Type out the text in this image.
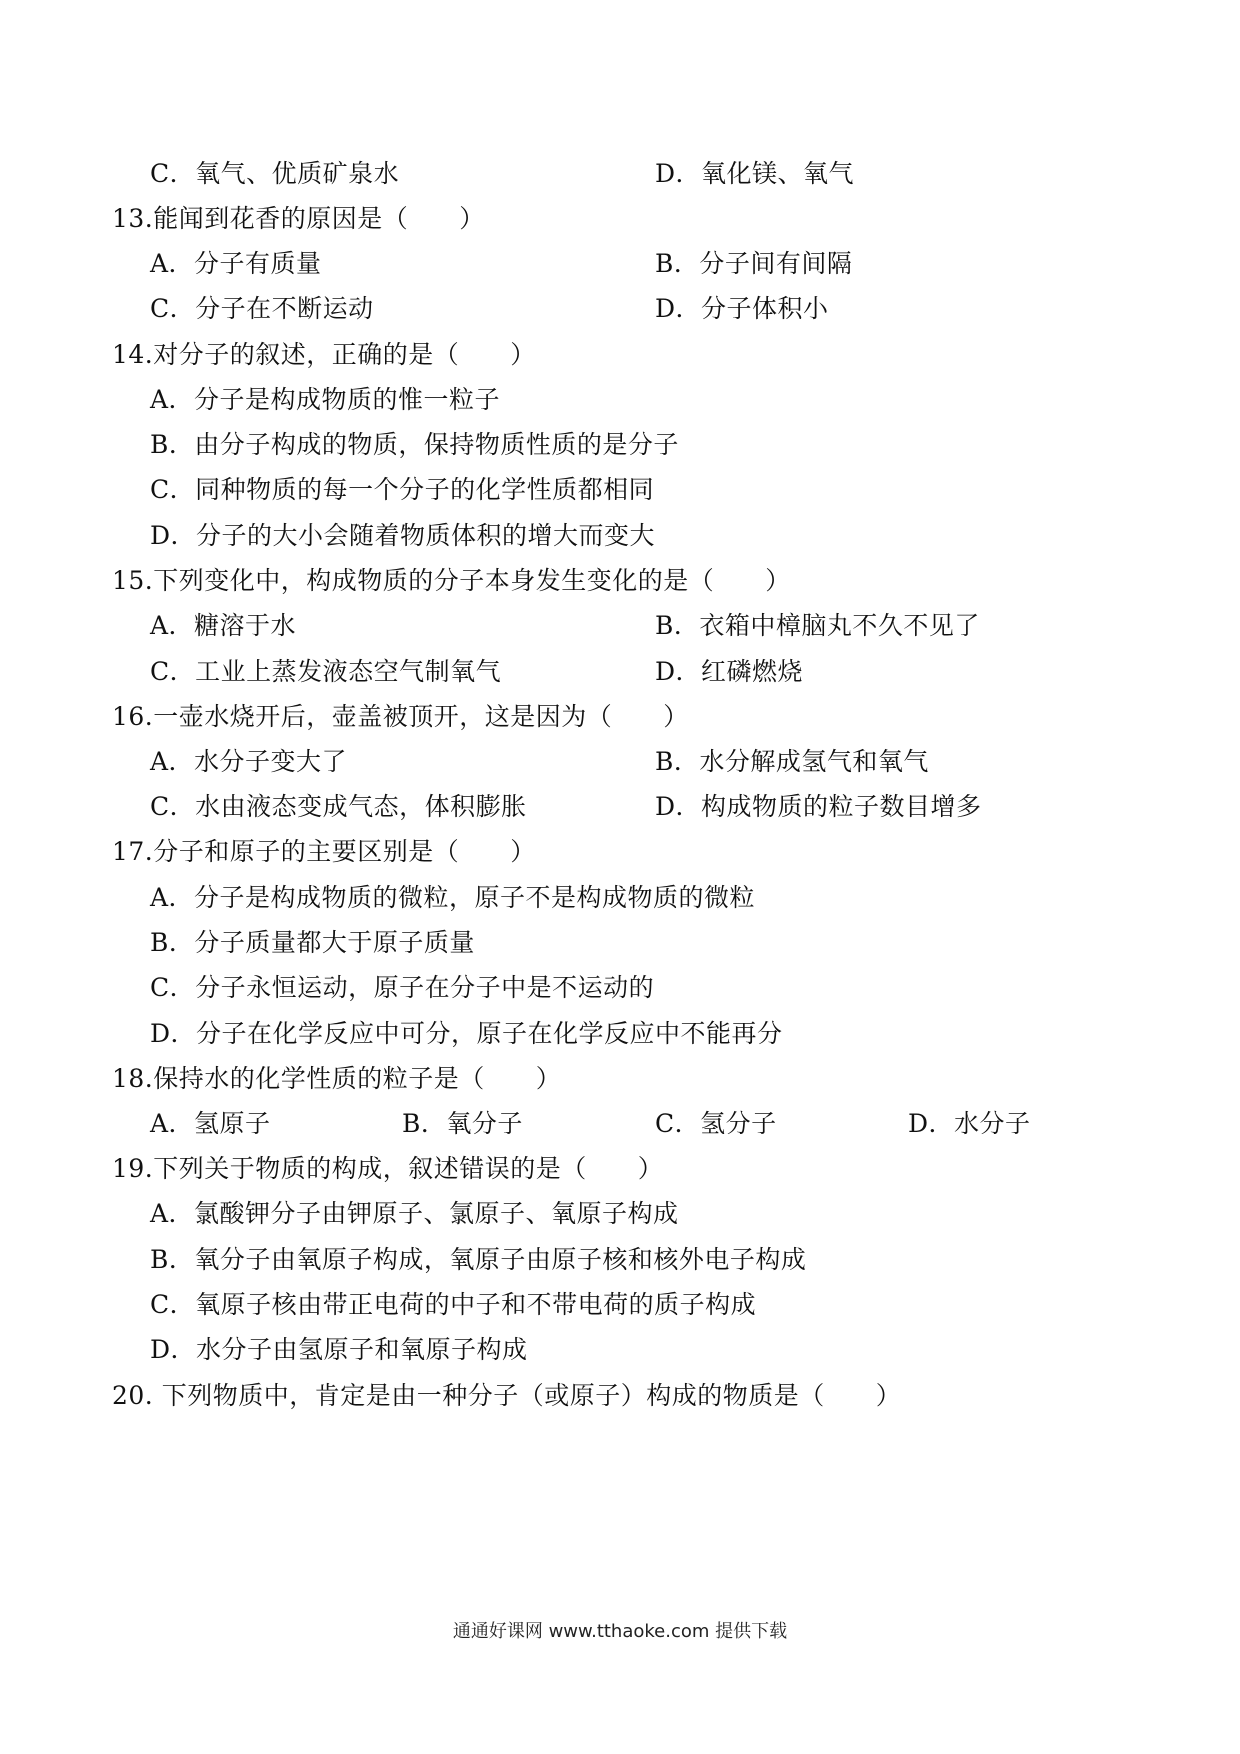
C．氧气、优质矿泉水	D．氧化镁、氧气
13.能闻到花香的原因是（　　）
A．分子有质量	B．分子间有间隔
C．分子在不断运动	D．分子体积小
14.对分子的叙述，正确的是（　　）
A．分子是构成物质的惟一粒子
B．由分子构成的物质，保持物质性质的是分子
C．同种物质的每一个分子的化学性质都相同
D．分子的大小会随着物质体积的增大而变大
15.下列变化中，构成物质的分子本身发生变化的是（　　）
A．糖溶于水	B．衣箱中樟脑丸不久不见了
C．工业上蒸发液态空气制氧气	D．红磷燃烧
16.一壶水烧开后，壶盖被顶开，这是因为（　　）
A．水分子变大了	B．水分解成氢气和氧气
C．水由液态变成气态，体积膨胀	D．构成物质的粒子数目增多
17.分子和原子的主要区别是（　　）
A．分子是构成物质的微粒，原子不是构成物质的微粒
B．分子质量都大于原子质量
C．分子永恒运动，原子在分子中是不运动的
D．分子在化学反应中可分，原子在化学反应中不能再分
18.保持水的化学性质的粒子是（　　）
A．氢原子	B．氧分子	C．氢分子	D．水分子
19.下列关于物质的构成，叙述错误的是（　　）
A．氯酸钾分子由钾原子、氯原子、氧原子构成
B．氧分子由氧原子构成，氧原子由原子核和核外电子构成
C．氧原子核由带正电荷的中子和不带电荷的质子构成
D．水分子由氢原子和氧原子构成
20. 下列物质中，肯定是由一种分子（或原子）构成的物质是（　　）
通通好课网 www.tthaoke.com 提供下载
